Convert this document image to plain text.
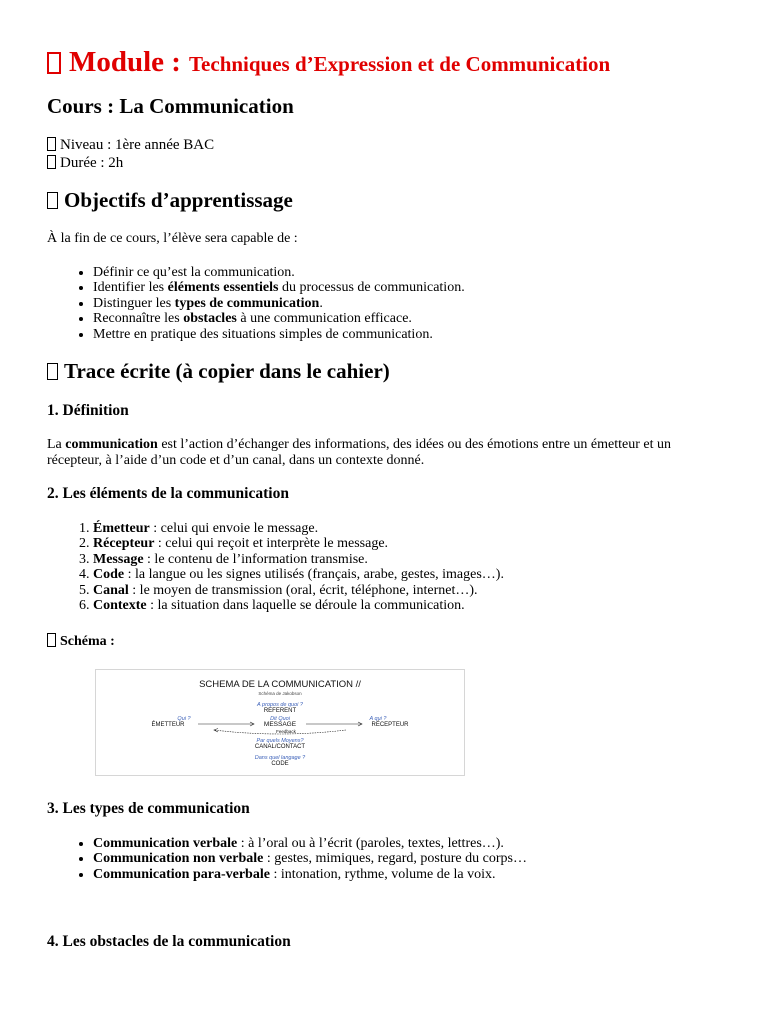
Module : Techniques d’Expression et de Communication
Cours : La Communication
Niveau : 1ère année BAC
Durée : 2h
Objectifs d’apprentissage
À la fin de ce cours, l’élève sera capable de :
• Définir ce qu’est la communication.
• Identifier les éléments essentiels du processus de communication.
• Distinguer les types de communication.
• Reconnaître les obstacles à une communication efficace.
• Mettre en pratique des situations simples de communication.
Trace écrite (à copier dans le cahier)
1. Définition
La communication est l’action d’échanger des informations, des idées ou des émotions entre un émetteur et un récepteur, à l’aide d’un code et d’un canal, dans un contexte donné.
2. Les éléments de la communication
1. Émetteur : celui qui envoie le message.
2. Récepteur : celui qui reçoit et interprète le message.
3. Message : le contenu de l’information transmise.
4. Code : la langue ou les signes utilisés (français, arabe, gestes, images…).
5. Canal : le moyen de transmission (oral, écrit, téléphone, internet…).
6. Contexte : la situation dans laquelle se déroule la communication.
Schéma :
SCHEMA DE LA COMMUNICATION //
Schéma de Jakobson
A propos de quoi ?
REFERENT
Qui ?
ÉMETTEUR
Dit Quoi
MESSAGE
Feedback
A qui ?
RÉCEPTEUR
Par quels Moyens?
CANAL/CONTACT
Dans quel langage ?
CODE
3. Les types de communication
• Communication verbale : à l’oral ou à l’écrit (paroles, textes, lettres…).
• Communication non verbale : gestes, mimiques, regard, posture du corps…
• Communication para-verbale : intonation, rythme, volume de la voix.
4. Les obstacles de la communication
